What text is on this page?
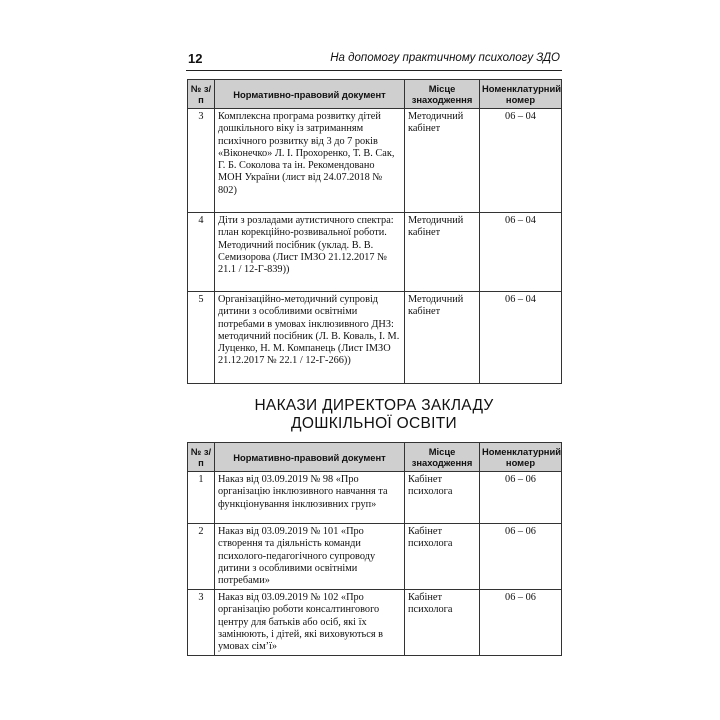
12	На допомогу практичному психологу ЗДО
№ з/п	Нормативно-правовий документ	Місце знаходження	Номенклатурний номер
3	Комплексна програма розвитку дітей дошкільного віку із затриманням психічного розвитку від 3 до 7 років «Віконечко» Л. І. Прохоренко, Т. В. Сак, Г. Б. Соколова та ін. Рекомендовано МОН України (лист від 24.07.2018 № 802)	Методичний кабінет	06 – 04
4	Діти з розладами аутистичного спектра: план корекційно-розвивальної роботи. Методичний посібник (уклад. В. В. Семизорова (Лист ІМЗО 21.12.2017 № 21.1 / 12-Г-839))	Методичний кабінет	06 – 04
5	Організаційно-методичний супровід дитини з особливими освітніми потребами в умовах інклюзивного ДНЗ: методичний посібник (Л. В. Коваль, І. М. Луценко, Н. М. Компанець (Лист ІМЗО 21.12.2017 № 22.1 / 12-Г-266))	Методичний кабінет	06 – 04
НАКАЗИ ДИРЕКТОРА ЗАКЛАДУ
ДОШКІЛЬНОЇ ОСВІТИ
№ з/п	Нормативно-правовий документ	Місце знаходження	Номенклатурний номер
1	Наказ від 03.09.2019 № 98 «Про організацію інклюзивного навчання та функціонування інклюзивних груп»	Кабінет психолога	06 – 06
2	Наказ від 03.09.2019 № 101 «Про створення та діяльність команди психолого-педагогічного супроводу дитини з особливими освітніми потребами»	Кабінет психолога	06 – 06
3	Наказ від 03.09.2019 № 102 «Про організацію роботи консалтингового центру для батьків або осіб, які їх замінюють, і дітей, які виховуються в умовах сім’ї»	Кабінет психолога	06 – 06
